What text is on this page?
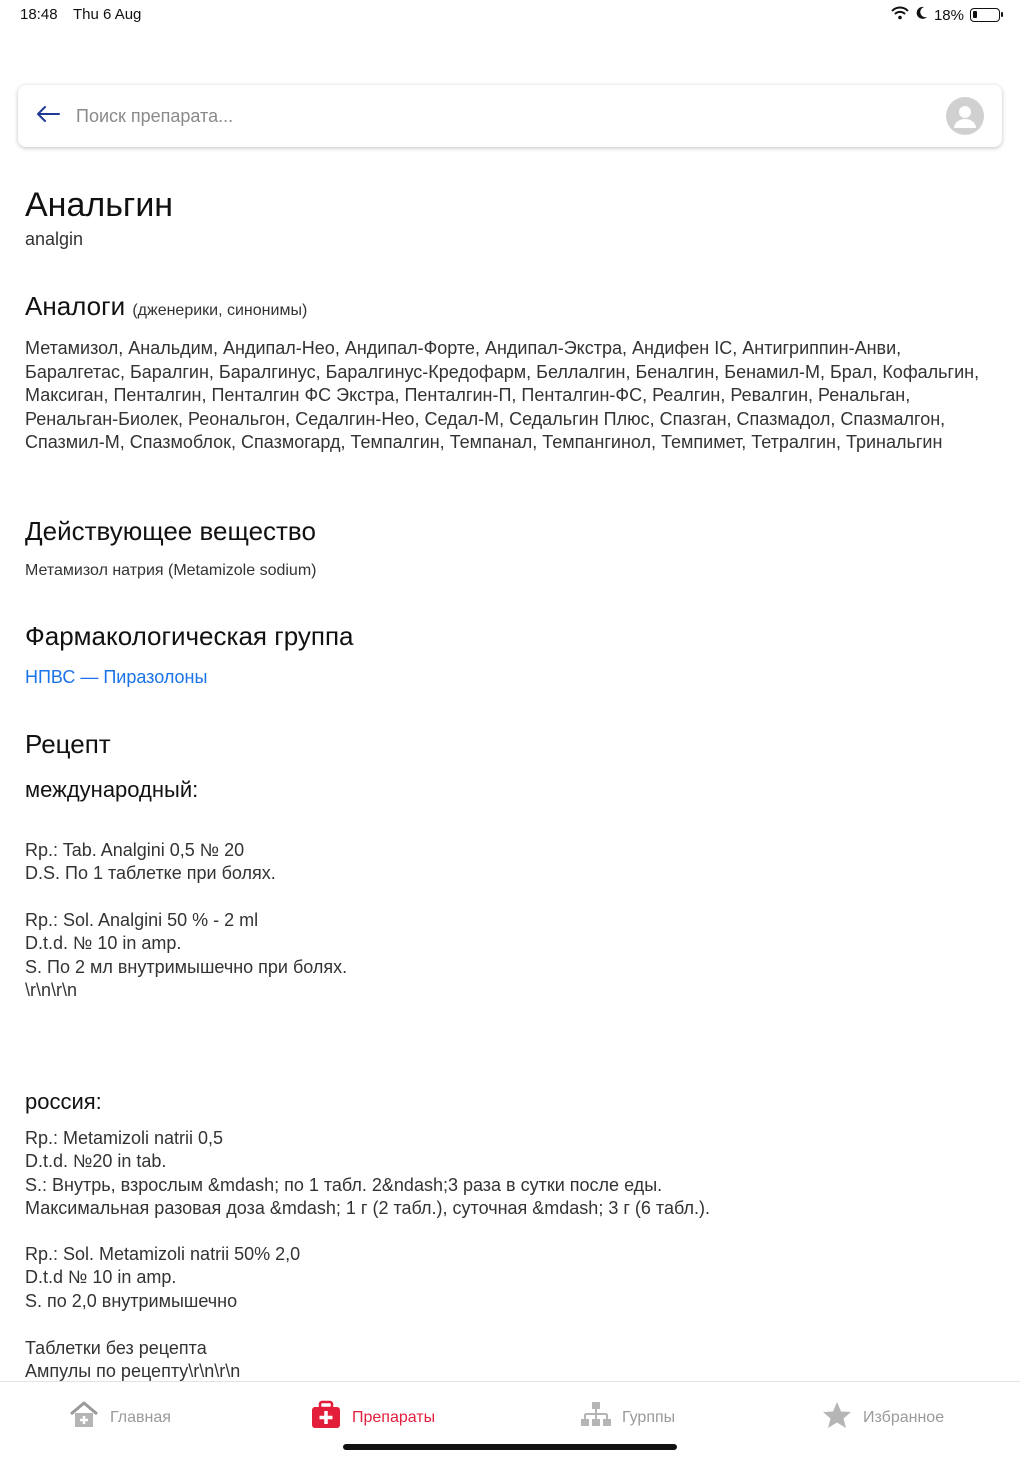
18:48 Thu 6 Aug	18%
Поиск препарата...
Анальгин
analgin
Аналоги (дженерики, синонимы)
Метамизол, Анальдим, Андипал-Нео, Андипал-Форте, Андипал-Экстра, Андифен IC, Антигриппин-Анви, Баралгетас, Баралгин, Баралгинус, Баралгинус-Кредофарм, Беллалгин, Беналгин, Бенамил-М, Брал, Кофальгин, Максиган, Пенталгин, Пенталгин ФС Экстра, Пенталгин-П, Пенталгин-ФС, Реалгин, Ревалгин, Ренальган, Ренальган-Биолек, Реональгон, Седалгин-Нео, Седал-М, Седальгин Плюс, Спазган, Спазмадол, Спазмалгон, Спазмил-М, Спазмоблок, Спазмогард, Темпалгин, Темпанал, Темпангинол, Темпимет, Тетралгин, Тринальгин
Действующее вещество
Метамизол натрия (Metamizole sodium)
Фармакологическая группа
НПВС — Пиразолоны
Рецепт
международный:
Rp.: Tab. Analgini 0,5 № 20
D.S. По 1 таблетке при болях.
Rp.: Sol. Analgini 50 % - 2 ml
D.t.d. № 10 in amp.
S. По 2 мл внутримышечно при болях.
\r\n\r\n
россия:
Rp.: Metamizoli natrii 0,5
D.t.d. №20 in tab.
S.: Внутрь, взрослым &mdash; по 1 табл. 2&ndash;3 раза в сутки после еды.
Максимальная разовая доза &mdash; 1 г (2 табл.), суточная &mdash; 3 г (6 табл.).
Rp.: Sol. Metamizoli natrii 50% 2,0
D.t.d № 10 in amp.
S. по 2,0 внутримышечно
Таблетки без рецепта
Ампулы по рецепту\r\n\r\n
Главная	Препараты	Гурппы	Избранное
